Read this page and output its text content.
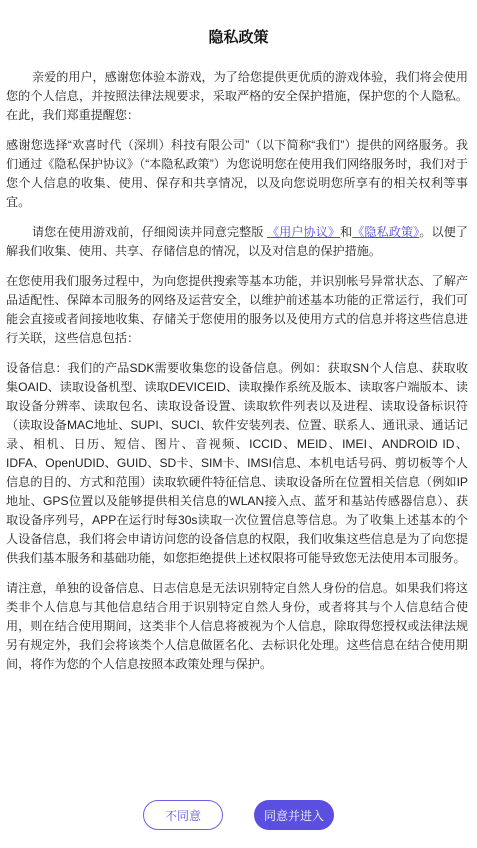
隐私政策

亲爱的用户，感谢您体验本游戏，为了给您提供更优质的游戏体验，我们将会使用您的个人信息，并按照法律法规要求，采取严格的安全保护措施，保护您的个人隐私。在此，我们郑重提醒您：

感谢您选择“欢喜时代（深圳）科技有限公司”（以下简称“我们”）提供的网络服务。我们通过《隐私保护协议》（“本隐私政策”）为您说明您在使用我们网络服务时，我们对于您个人信息的收集、使用、保存和共享情况，以及向您说明您所享有的相关权利等事宜。

请您在使用游戏前，仔细阅读并同意完整版 《用户协议》和《隐私政策》。以便了解我们收集、使用、共享、存储信息的情况，以及对信息的保护措施。

在您使用我们服务过程中，为向您提供搜索等基本功能，并识别帐号异常状态、了解产品适配性、保障本司服务的网络及运营安全，以维护前述基本功能的正常运行，我们可能会直接或者间接地收集、存储关于您使用的服务以及使用方式的信息并将这些信息进行关联，这些信息包括：

设备信息：我们的产品SDK需要收集您的设备信息。例如：获取SN个人信息、获取收集OAID、读取设备机型、读取DEVICEID、读取操作系统及版本、读取客户端版本、读取设备分辨率、读取包名、读取设备设置、读取软件列表以及进程、读取设备标识符（读取设备MAC地址、SUPI、SUCI、软件安装列表、位置、联系人、通讯录、通话记录、相机、日历、短信、图片、音视频、ICCID、MEID、IMEI、ANDROID ID、IDFA、OpenUDID、GUID、SD卡、SIM卡、IMSI信息、本机电话号码、剪切板等个人信息的目的、方式和范围）读取软硬件特征信息、读取设备所在位置相关信息（例如IP 地址、GPS位置以及能够提供相关信息的WLAN接入点、蓝牙和基站传感器信息）、获取设备序列号，APP在运行时每30s读取一次位置信息等信息。为了收集上述基本的个人设备信息，我们将会申请访问您的设备信息的权限，我们收集这些信息是为了向您提供我们基本服务和基础功能，如您拒绝提供上述权限将可能导致您无法使用本司服务。

请注意，单独的设备信息、日志信息是无法识别特定自然人身份的信息。如果我们将这类非个人信息与其他信息结合用于识别特定自然人身份，或者将其与个人信息结合使用，则在结合使用期间，这类非个人信息将被视为个人信息，除取得您授权或法律法规另有规定外，我们会将该类个人信息做匿名化、去标识化处理。这些信息在结合使用期间，将作为您的个人信息按照本政策处理与保护。

不同意	同意并进入
